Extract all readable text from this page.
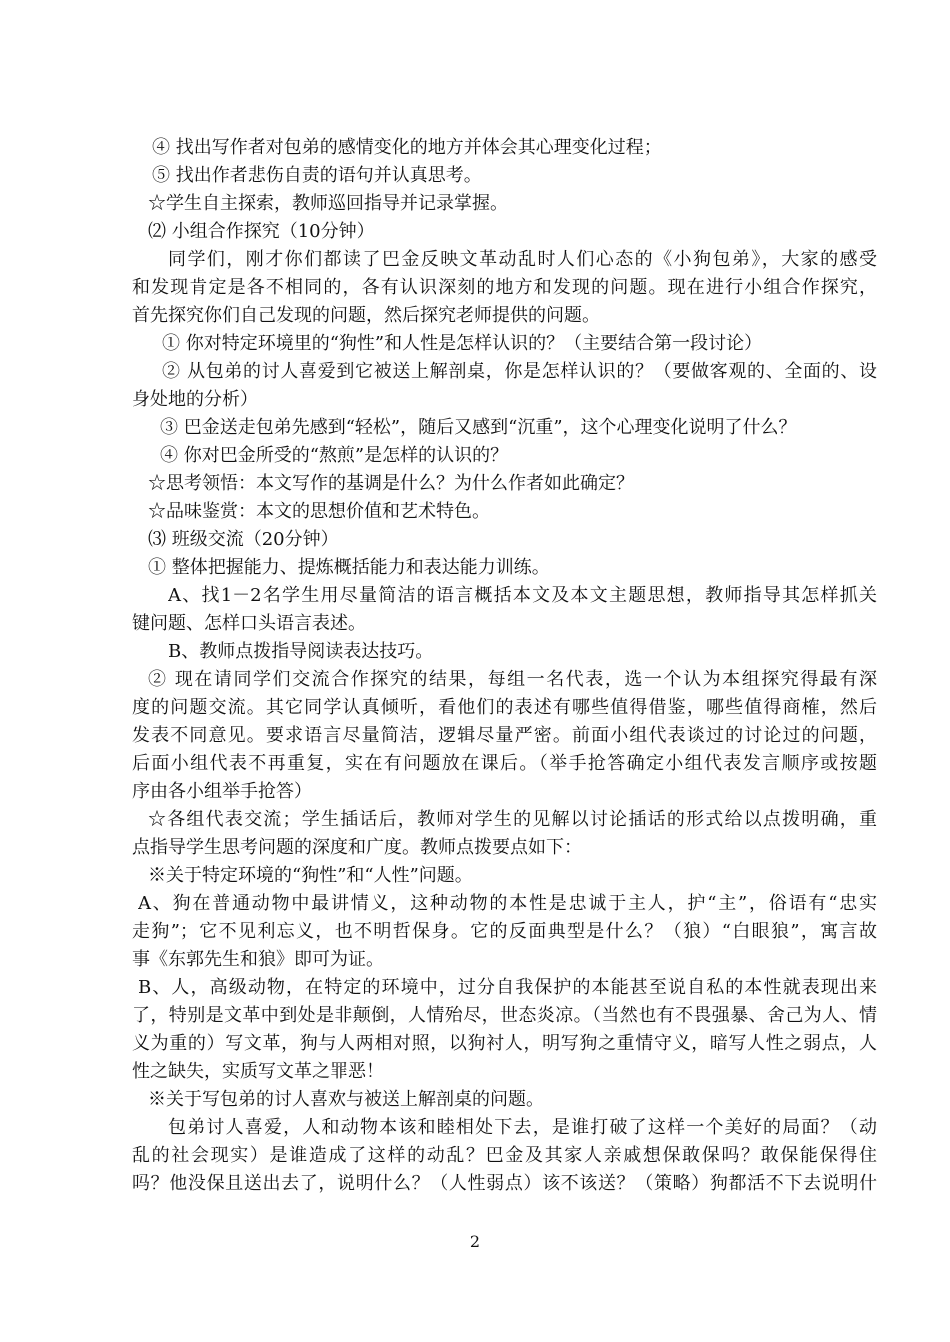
④ 找出写作者对包弟的感情变化的地方并体会其心理变化过程；
⑤ 找出作者悲伤自责的语句并认真思考。
☆学生自主探索，教师巡回指导并记录掌握。
⑵ 小组合作探究（10分钟）
同学们，刚才你们都读了巴金反映文革动乱时人们心态的《小狗包弟》，大家的感受
和发现肯定是各不相同的，各有认识深刻的地方和发现的问题。现在进行小组合作探究，
首先探究你们自己发现的问题，然后探究老师提供的问题。
① 你对特定环境里的“狗性”和人性是怎样认识的？（主要结合第一段讨论）
② 从包弟的讨人喜爱到它被送上解剖桌，你是怎样认识的？（要做客观的、全面的、设
身处地的分析）
③ 巴金送走包弟先感到“轻松”，随后又感到“沉重”，这个心理变化说明了什么？
④ 你对巴金所受的“熬煎”是怎样的认识的？
☆思考领悟：本文写作的基调是什么？为什么作者如此确定？
☆品味鉴赏：本文的思想价值和艺术特色。
⑶ 班级交流（20分钟）
① 整体把握能力、提炼概括能力和表达能力训练。
A、找1－2名学生用尽量简洁的语言概括本文及本文主题思想，教师指导其怎样抓关
键问题、怎样口头语言表述。
B、教师点拨指导阅读表达技巧。
② 现在请同学们交流合作探究的结果，每组一名代表，选一个认为本组探究得最有深
度的问题交流。其它同学认真倾听，看他们的表述有哪些值得借鉴，哪些值得商榷，然后
发表不同意见。要求语言尽量简洁，逻辑尽量严密。前面小组代表谈过的讨论过的问题，
后面小组代表不再重复，实在有问题放在课后。（举手抢答确定小组代表发言顺序或按题
序由各小组举手抢答）
☆各组代表交流；学生插话后，教师对学生的见解以讨论插话的形式给以点拨明确，重
点指导学生思考问题的深度和广度。教师点拨要点如下：
※关于特定环境的“狗性”和“人性”问题。
A、狗在普通动物中最讲情义，这种动物的本性是忠诚于主人，护“主”，俗语有“忠实
走狗”；它不见利忘义，也不明哲保身。它的反面典型是什么？（狼）“白眼狼”，寓言故
事《东郭先生和狼》即可为证。
B、人，高级动物，在特定的环境中，过分自我保护的本能甚至说自私的本性就表现出来
了，特别是文革中到处是非颠倒，人情殆尽，世态炎凉。（当然也有不畏强暴、舍己为人、情
义为重的）写文革，狗与人两相对照，以狗衬人，明写狗之重情守义，暗写人性之弱点，人
性之缺失，实质写文革之罪恶！
※关于写包弟的讨人喜欢与被送上解剖桌的问题。
包弟讨人喜爱，人和动物本该和睦相处下去，是谁打破了这样一个美好的局面？（动
乱的社会现实）是谁造成了这样的动乱？巴金及其家人亲戚想保敢保吗？敢保能保得住
吗？他没保且送出去了，说明什么？（人性弱点）该不该送？（策略）狗都活不下去说明什
2
